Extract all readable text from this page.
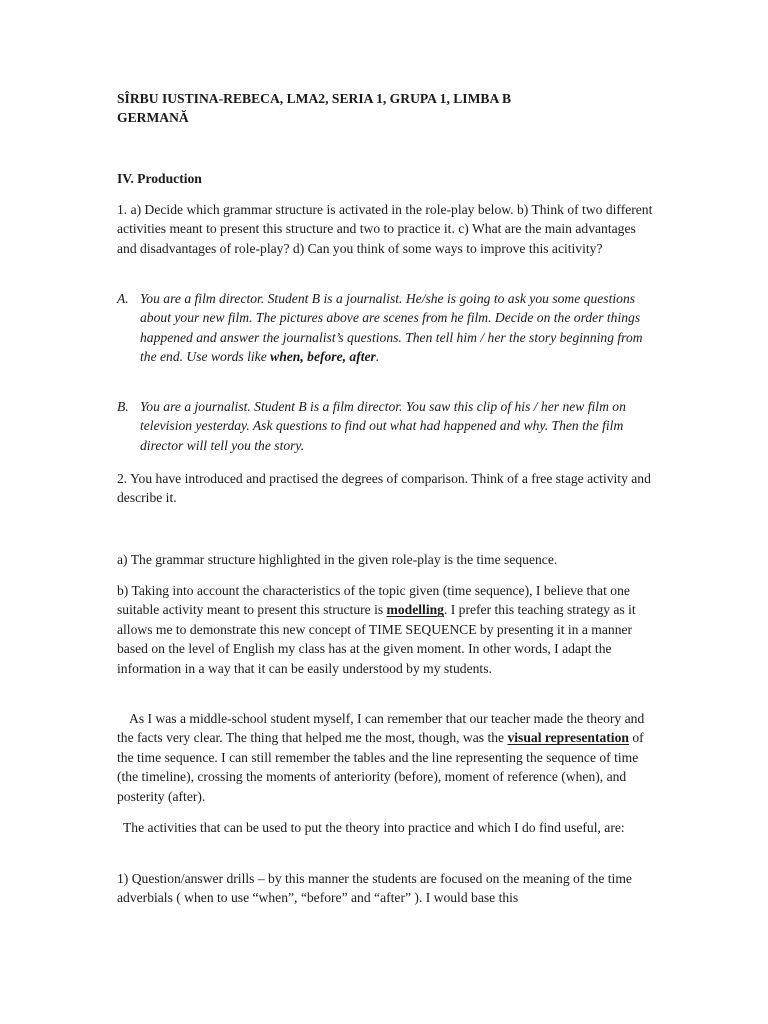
SÎRBU IUSTINA-REBECA, LMA2, SERIA 1, GRUPA 1, LIMBA B
GERMANĂ
IV. Production
1. a) Decide which grammar structure is activated in the role-play below. b) Think of two different activities meant to present this structure and two to practice it. c) What are the main advantages and disadvantages of role-play? d) Can you think of some ways to improve this acitivity?
A. You are a film director. Student B is a journalist. He/she is going to ask you some questions about your new film. The pictures above are scenes from he film. Decide on the order things happened and answer the journalist’s questions. Then tell him / her the story beginning from the end. Use words like when, before, after.
B. You are a journalist. Student B is a film director. You saw this clip of his / her new film on television yesterday. Ask questions to find out what had happened and why. Then the film director will tell you the story.
2. You have introduced and practised the degrees of comparison. Think of a free stage activity and describe it.
a) The grammar structure highlighted in the given role-play is the time sequence.
b) Taking into account the characteristics of the topic given (time sequence), I believe that one suitable activity meant to present this structure is modelling. I prefer this teaching strategy as it allows me to demonstrate this new concept of TIME SEQUENCE by presenting it in a manner based on the level of English my class has at the given moment. In other words, I adapt the information in a way that it can be easily understood by my students.
As I was a middle-school student myself, I can remember that our teacher made the theory and the facts very clear. The thing that helped me the most, though, was the visual representation of the time sequence. I can still remember the tables and the line representing the sequence of time (the timeline), crossing the moments of anteriority (before), moment of reference (when), and posterity (after).
The activities that can be used to put the theory into practice and which I do find useful, are:
1) Question/answer drills – by this manner the students are focused on the meaning of the time adverbials ( when to use “when”, “before” and “after” ). I would base this
